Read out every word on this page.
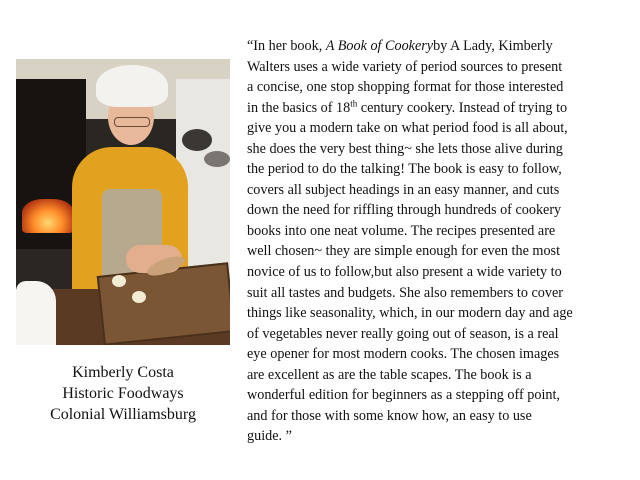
Kimberly Costa
Historic Foodways
Colonial Williamsburg
“In her book, A Book of Cookeryby A Lady, Kimberly
Walters uses a wide variety of period sources to present
a concise, one stop shopping format for those interested
in the basics of 18th century cookery. Instead of trying to
give you a modern take on what period food is all about,
she does the very best thing~ she lets those alive during
the period to do the talking! The book is easy to follow,
covers all subject headings in an easy manner, and cuts
down the need for riffling through hundreds of cookery
books into one neat volume. The recipes presented are
well chosen~ they are simple enough for even the most
novice of us to follow,but also present a wide variety to
suit all tastes and budgets. She also remembers to cover
things like seasonality, which, in our modern day and age
of vegetables never really going out of season, is a real
eye opener for most modern cooks. The chosen images
are excellent as are the table scapes. The book is a
wonderful edition for beginners as a stepping off point,
and for those with some know how, an easy to use
guide. ”
